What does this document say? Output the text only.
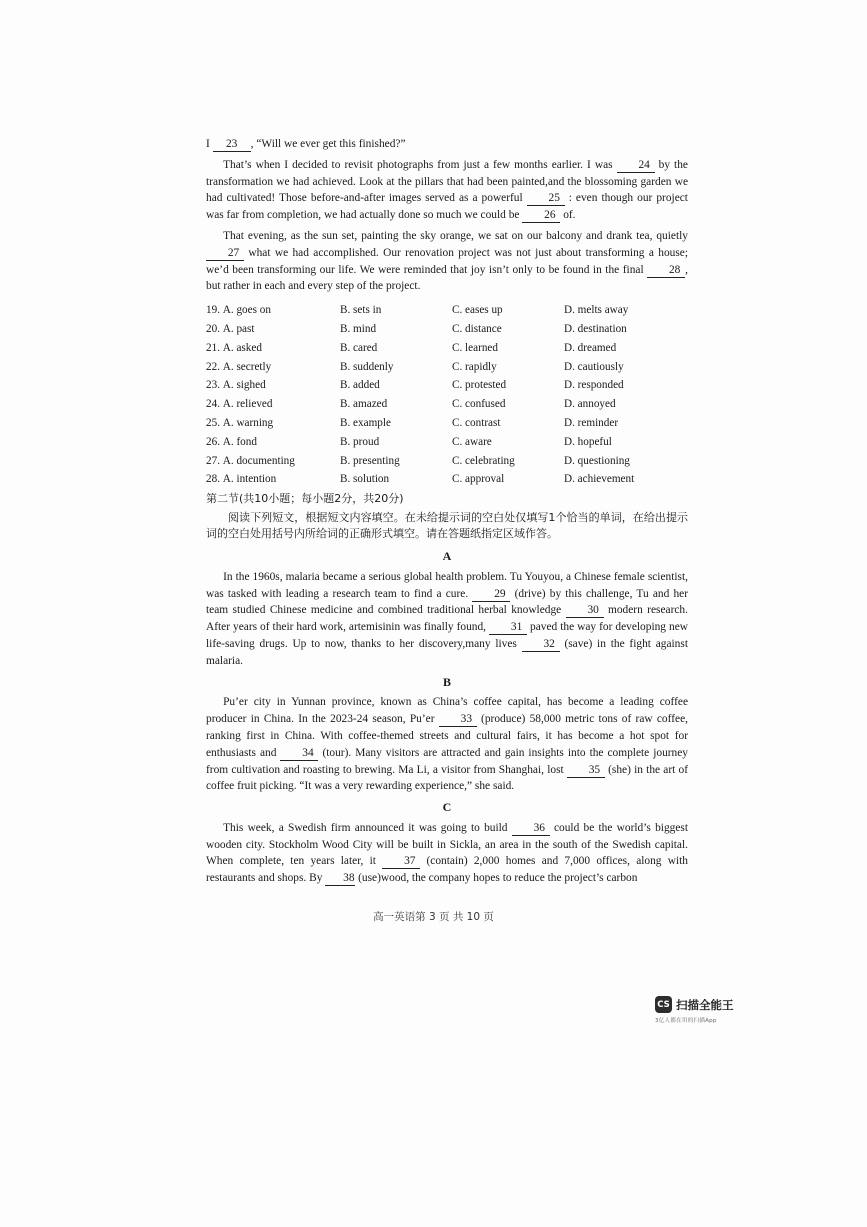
I 23 , “Will we ever get this finished?”

That’s when I decided to revisit photographs from just a few months earlier. I was 24 by the transformation we had achieved. Look at the pillars that had been painted,and the blossoming garden we had cultivated! Those before-and-after images served as a powerful 25 : even though our project was far from completion, we had actually done so much we could be 26 of.

That evening, as the sun set, painting the sky orange, we sat on our balcony and drank tea, quietly 27 what we had accomplished. Our renovation project was not just about transforming a house; we’d been transforming our life. We were reminded that joy isn’t only to be found in the final 28 , but rather in each and every step of the project.

19. A. goes on	B. sets in	C. eases up	D. melts away
20. A. past	B. mind	C. distance	D. destination
21. A. asked	B. cared	C. learned	D. dreamed
22. A. secretly	B. suddenly	C. rapidly	D. cautiously
23. A. sighed	B. added	C. protested	D. responded
24. A. relieved	B. amazed	C. confused	D. annoyed
25. A. warning	B. example	C. contrast	D. reminder
26. A. fond	B. proud	C. aware	D. hopeful
27. A. documenting	B. presenting	C. celebrating	D. questioning
28. A. intention	B. solution	C. approval	D. achievement

第二节(共10小题；每小题2分，共20分)

阅读下列短文，根据短文内容填空。在未给提示词的空白处仅填写1个恰当的单词，在给出提示词的空白处用括号内所给词的正确形式填空。请在答题纸指定区域作答。

A

In the 1960s, malaria became a serious global health problem. Tu Youyou, a Chinese female scientist, was tasked with leading a research team to find a cure. 29 (drive) by this challenge, Tu and her team studied Chinese medicine and combined traditional herbal knowledge 30 modern research. After years of their hard work, artemisinin was finally found, 31 paved the way for developing new life-saving drugs. Up to now, thanks to her discovery,many lives 32 (save) in the fight against malaria.

B

Pu’er city in Yunnan province, known as China’s coffee capital, has become a leading coffee producer in China. In the 2023-24 season, Pu’er 33 (produce) 58,000 metric tons of raw coffee, ranking first in China. With coffee-themed streets and cultural fairs, it has become a hot spot for enthusiasts and 34 (tour). Many visitors are attracted and gain insights into the complete journey from cultivation and roasting to brewing. Ma Li, a visitor from Shanghai, lost 35 (she) in the art of coffee fruit picking. “It was a very rewarding experience,” she said.

C

This week, a Swedish firm announced it was going to build 36 could be the world’s biggest wooden city. Stockholm Wood City will be built in Sickla, an area in the south of the Swedish capital. When complete, ten years later, it 37 (contain) 2,000 homes and 7,000 offices, along with restaurants and shops. By 38 (use)wood, the company hopes to reduce the project’s carbon

高一英语第 3 页 共 10 页
CS 扫描全能王
3亿人都在用的扫描App
